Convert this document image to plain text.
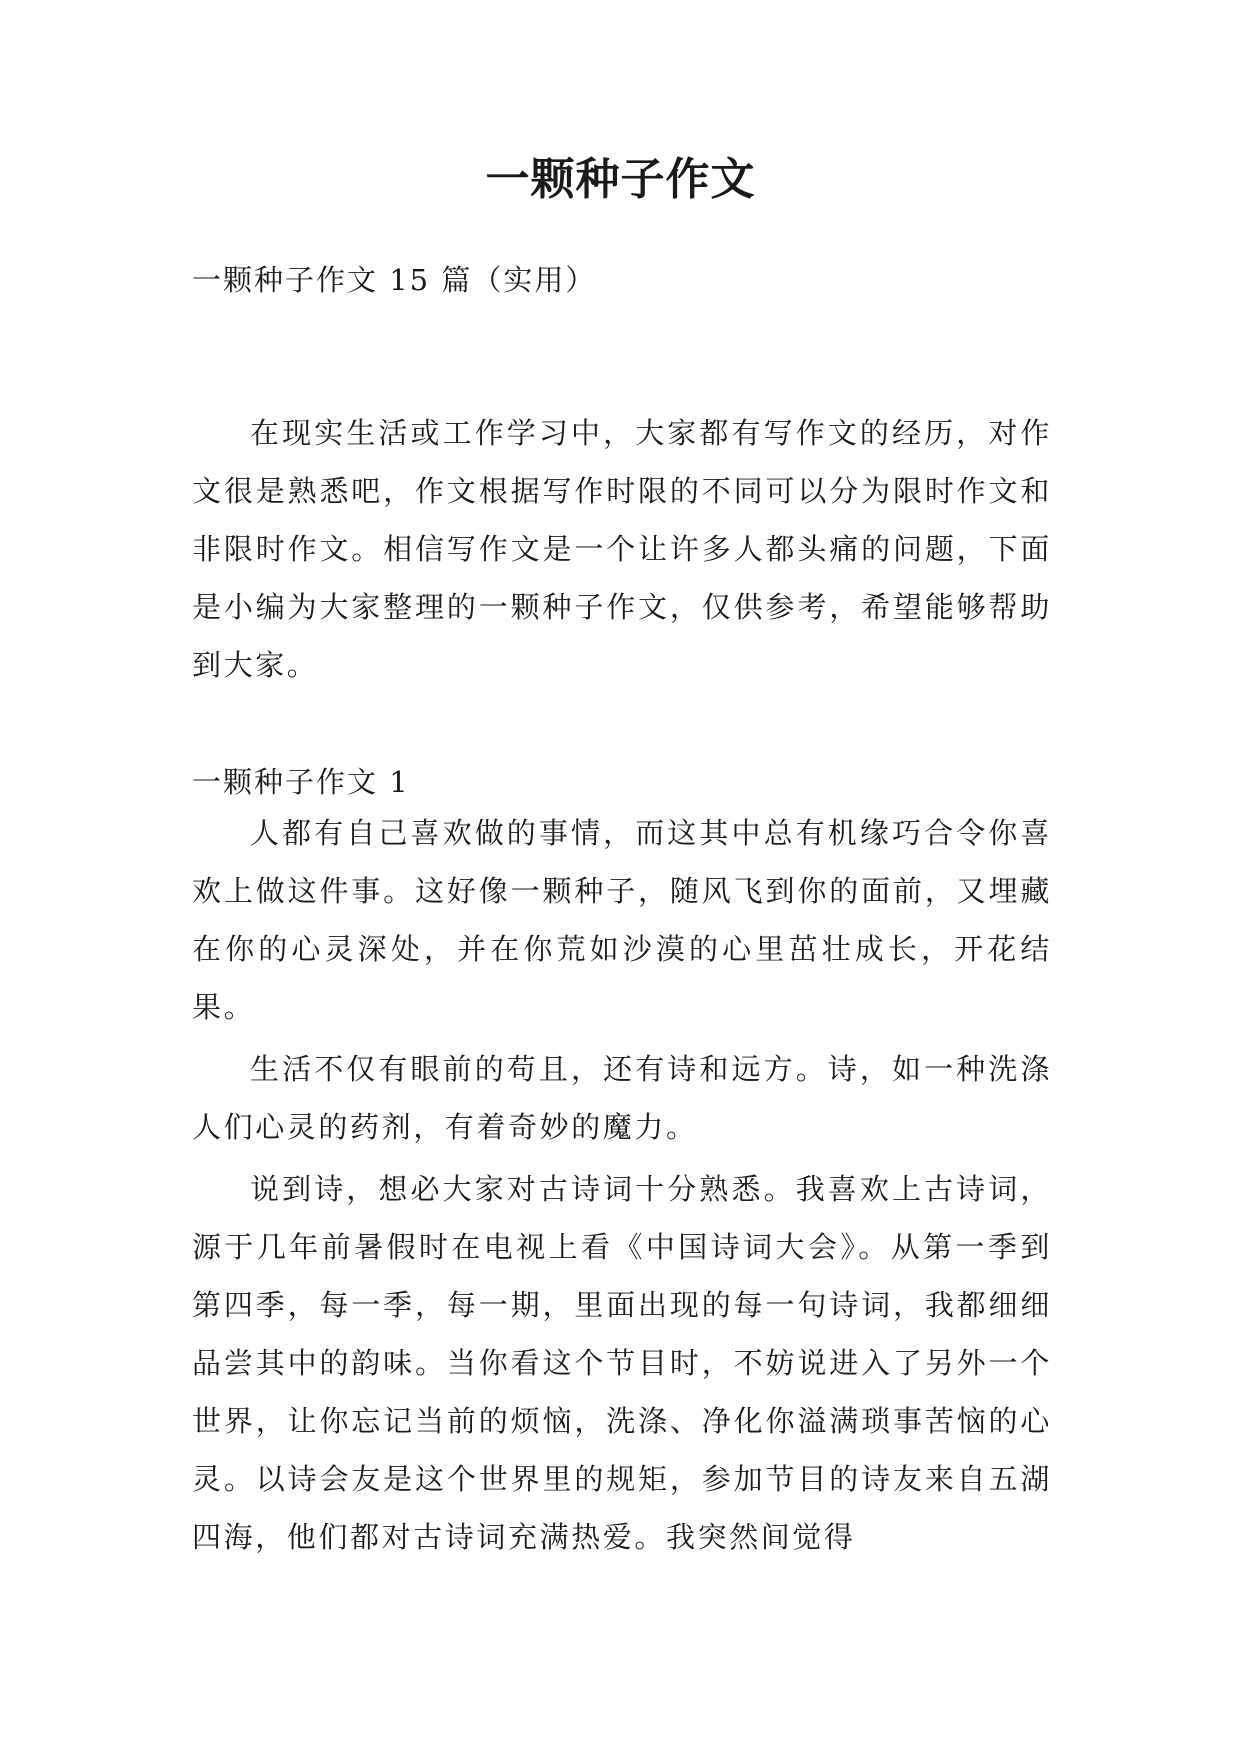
一颗种子作文
一颗种子作文 15 篇（实用）

在现实生活或工作学习中，大家都有写作文的经历，对作文很是熟悉吧，作文根据写作时限的不同可以分为限时作文和非限时作文。相信写作文是一个让许多人都头痛的问题，下面是小编为大家整理的一颗种子作文，仅供参考，希望能够帮助到大家。

一颗种子作文 1

人都有自己喜欢做的事情，而这其中总有机缘巧合令你喜欢上做这件事。这好像一颗种子，随风飞到你的面前，又埋藏在你的心灵深处，并在你荒如沙漠的心里茁壮成长，开花结果。

生活不仅有眼前的苟且，还有诗和远方。诗，如一种洗涤人们心灵的药剂，有着奇妙的魔力。

说到诗，想必大家对古诗词十分熟悉。我喜欢上古诗词，源于几年前暑假时在电视上看《中国诗词大会》。从第一季到第四季，每一季，每一期，里面出现的每一句诗词，我都细细品尝其中的韵味。当你看这个节目时，不妨说进入了另外一个世界，让你忘记当前的烦恼，洗涤、净化你溢满琐事苦恼的心灵。以诗会友是这个世界里的规矩，参加节目的诗友来自五湖四海，他们都对古诗词充满热爱。我突然间觉得
